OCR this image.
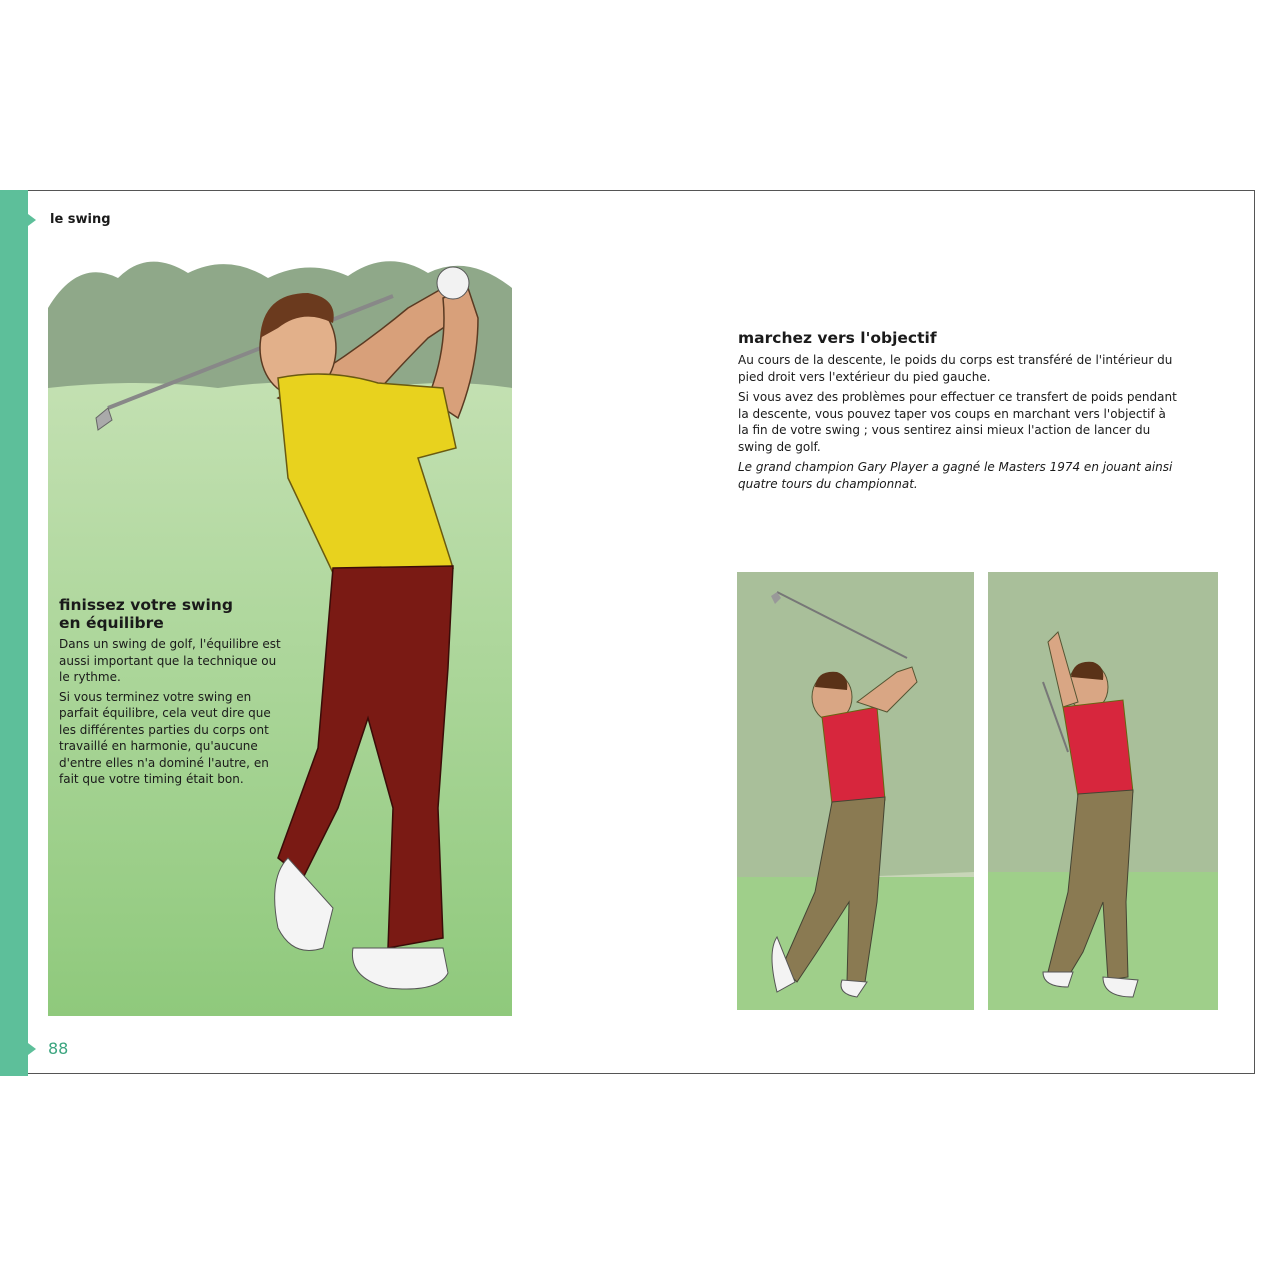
le swing
88
finissez votre swing
en équilibre

Dans un swing de golf, l'équilibre est aussi important que la technique ou le rythme.

Si vous terminez votre swing en parfait équilibre, cela veut dire que les différentes parties du corps ont travaillé en harmonie, qu'aucune d'entre elles n'a dominé l'autre, en fait que votre timing était bon.

marchez vers l'objectif

Au cours de la descente, le poids du corps est transféré de l'intérieur du pied droit vers l'extérieur du pied gauche.

Si vous avez des problèmes pour effectuer ce transfert de poids pendant la descente, vous pouvez taper vos coups en marchant vers l'objectif à la fin de votre swing ; vous sentirez ainsi mieux l'action de lancer du swing de golf.

Le grand champion Gary Player a gagné le Masters 1974 en jouant ainsi quatre tours du championnat.
